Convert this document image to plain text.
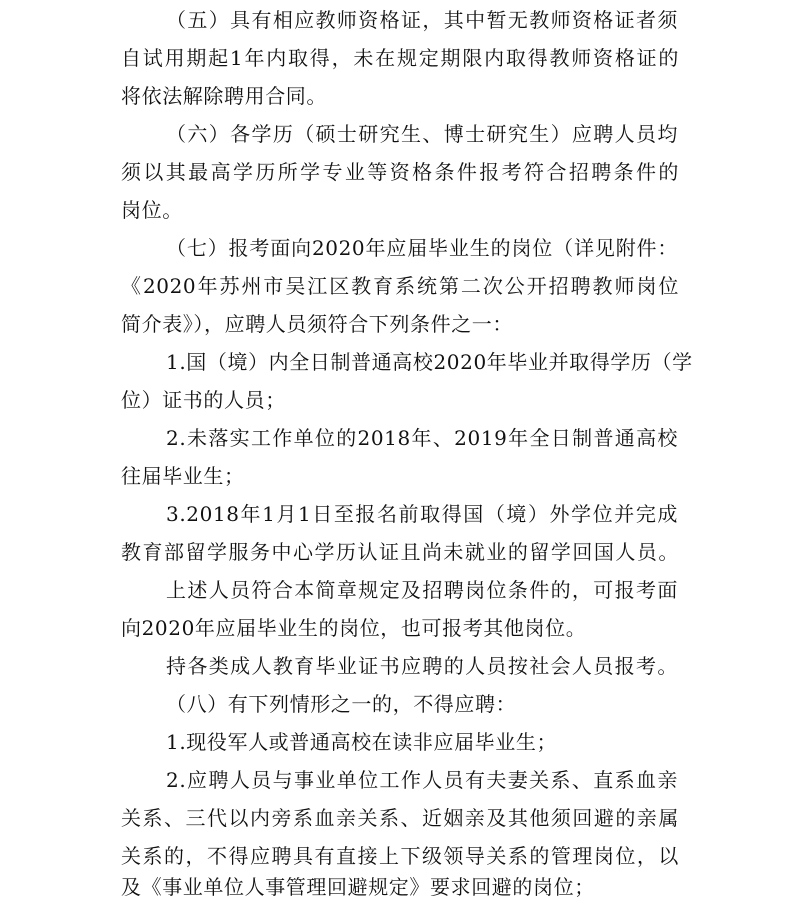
（五）具有相应教师资格证，其中暂无教师资格证者须
自试用期起1年内取得，未在规定期限内取得教师资格证的
将依法解除聘用合同。
（六）各学历（硕士研究生、博士研究生）应聘人员均
须以其最高学历所学专业等资格条件报考符合招聘条件的
岗位。
（七）报考面向2020年应届毕业生的岗位（详见附件：
《2020年苏州市吴江区教育系统第二次公开招聘教师岗位
简介表》），应聘人员须符合下列条件之一：
1.国（境）内全日制普通高校2020年毕业并取得学历（学
位）证书的人员；
2.未落实工作单位的2018年、2019年全日制普通高校
往届毕业生；
3.2018年1月1日至报名前取得国（境）外学位并完成
教育部留学服务中心学历认证且尚未就业的留学回国人员。
上述人员符合本简章规定及招聘岗位条件的，可报考面
向2020年应届毕业生的岗位，也可报考其他岗位。
持各类成人教育毕业证书应聘的人员按社会人员报考。
（八）有下列情形之一的，不得应聘：
1.现役军人或普通高校在读非应届毕业生；
2.应聘人员与事业单位工作人员有夫妻关系、直系血亲
关系、三代以内旁系血亲关系、近姻亲及其他须回避的亲属
关系的，不得应聘具有直接上下级领导关系的管理岗位，以
及《事业单位人事管理回避规定》要求回避的岗位；
